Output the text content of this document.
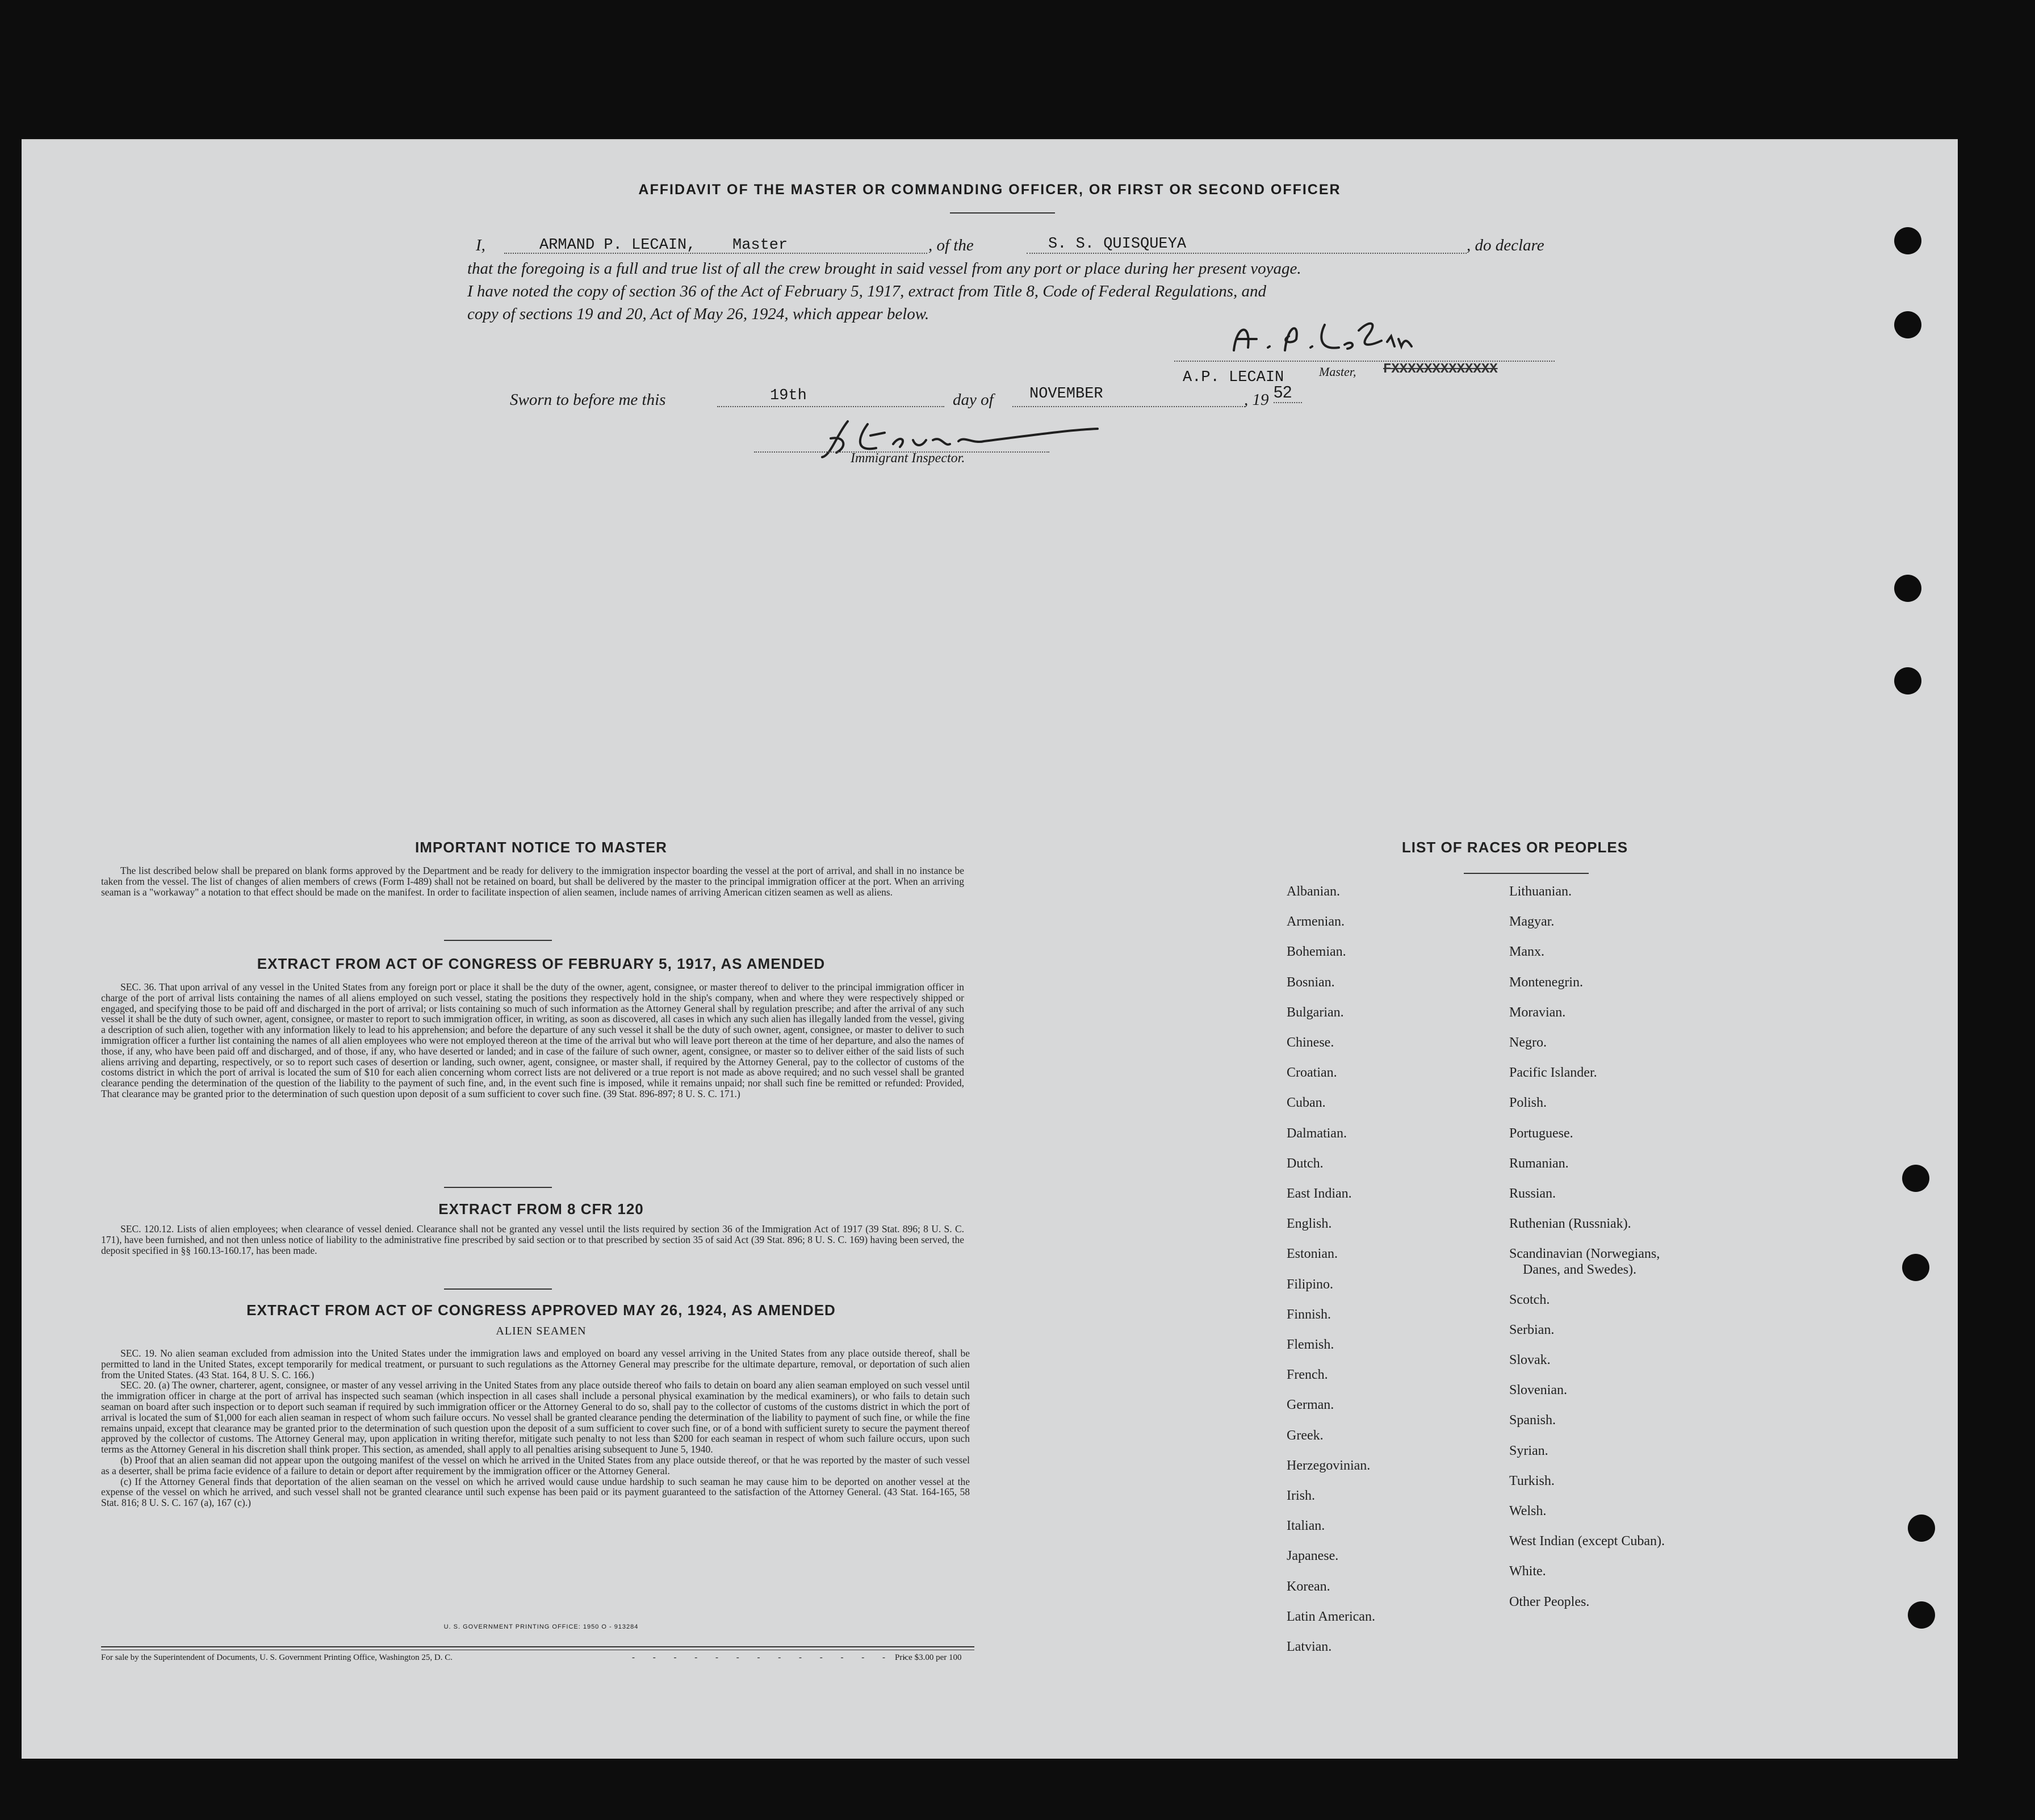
AFFIDAVIT OF THE MASTER OR COMMANDING OFFICER, OR FIRST OR SECOND OFFICER
I,	ARMAND P. LECAIN, Master	, of the	S. S. QUISQUEYA	, do declare
that the foregoing is a full and true list of all the crew brought in said vessel from any port or place during her present voyage.
I have noted the copy of section 36 of the Act of February 5, 1917, extract from Title 8, Code of Federal Regulations, and
copy of sections 19 and 20, Act of May 26, 1924, which appear below.
Master, FXXXXXXXXXXXXX
A.P. LECAIN
Sworn to before me this	19th	day of NOVEMBER	, 19 52
Immigrant Inspector.
IMPORTANT NOTICE TO MASTER
The list described below shall be prepared on blank forms approved by the Department and be ready for delivery to the immigration inspector boarding the vessel at the port of arrival, and shall in no instance be taken from the vessel. The list of changes of alien members of crews (Form I-489) shall not be retained on board, but shall be delivered by the master to the principal immigration officer at the port. When an arriving seaman is a "workaway" a notation to that effect should be made on the manifest. In order to facilitate inspection of alien seamen, include names of arriving American citizen seamen as well as aliens.
EXTRACT FROM ACT OF CONGRESS OF FEBRUARY 5, 1917, AS AMENDED
SEC. 36. That upon arrival of any vessel in the United States from any foreign port or place it shall be the duty of the owner, agent, consignee, or master thereof to deliver to the principal immigration officer in charge of the port of arrival lists containing the names of all aliens employed on such vessel, stating the positions they respectively hold in the ship's company, when and where they were respectively shipped or engaged, and specifying those to be paid off and discharged in the port of arrival; or lists containing so much of such information as the Attorney General shall by regulation prescribe; and after the arrival of any such vessel it shall be the duty of such owner, agent, consignee, or master to report to such immigration officer, in writing, as soon as discovered, all cases in which any such alien has illegally landed from the vessel, giving a description of such alien, together with any information likely to lead to his apprehension; and before the departure of any such vessel it shall be the duty of such owner, agent, consignee, or master to deliver to such immigration officer a further list containing the names of all alien employees who were not employed thereon at the time of the arrival but who will leave port thereon at the time of her departure, and also the names of those, if any, who have been paid off and discharged, and of those, if any, who have deserted or landed; and in case of the failure of such owner, agent, consignee, or master so to deliver either of the said lists of such aliens arriving and departing, respectively, or so to report such cases of desertion or landing, such owner, agent, consignee, or master shall, if required by the Attorney General, pay to the collector of customs of the costoms district in which the port of arrival is located the sum of $10 for each alien concerning whom correct lists are not delivered or a true report is not made as above required; and no such vessel shall be granted clearance pending the determination of the question of the liability to the payment of such fine, and, in the event such fine is imposed, while it remains unpaid; nor shall such fine be remitted or refunded: Provided, That clearance may be granted prior to the determination of such question upon deposit of a sum sufficient to cover such fine. (39 Stat. 896-897; 8 U. S. C. 171.)
EXTRACT FROM 8 CFR 120
SEC. 120.12. Lists of alien employees; when clearance of vessel denied. Clearance shall not be granted any vessel until the lists required by section 36 of the Immigration Act of 1917 (39 Stat. 896; 8 U. S. C. 171), have been furnished, and not then unless notice of liability to the administrative fine prescribed by said section or to that prescribed by section 35 of said Act (39 Stat. 896; 8 U. S. C. 169) having been served, the deposit specified in §§ 160.13-160.17, has been made.
EXTRACT FROM ACT OF CONGRESS APPROVED MAY 26, 1924, AS AMENDED
ALIEN SEAMEN
SEC. 19. No alien seaman excluded from admission into the United States under the immigration laws and employed on board any vessel arriving in the United States from any place outside thereof, shall be permitted to land in the United States, except temporarily for medical treatment, or pursuant to such regulations as the Attorney General may prescribe for the ultimate departure, removal, or deportation of such alien from the United States. (43 Stat. 164, 8 U. S. C. 166.)
SEC. 20. (a) The owner, charterer, agent, consignee, or master of any vessel arriving in the United States from any place outside thereof who fails to detain on board any alien seaman employed on such vessel until the immigration officer in charge at the port of arrival has inspected such seaman (which inspection in all cases shall include a personal physical examination by the medical examiners), or who fails to detain such seaman on board after such inspection or to deport such seaman if required by such immigration officer or the Attorney General to do so, shall pay to the collector of customs of the customs district in which the port of arrival is located the sum of $1,000 for each alien seaman in respect of whom such failure occurs. No vessel shall be granted clearance pending the determination of the liability to payment of such fine, or while the fine remains unpaid, except that clearance may be granted prior to the determination of such question upon the deposit of a sum sufficient to cover such fine, or of a bond with sufficient surety to secure the payment thereof approved by the collector of customs. The Attorney General may, upon application in writing therefor, mitigate such penalty to not less than $200 for each seaman in respect of whom such failure occurs, upon such terms as the Attorney General in his discretion shall think proper. This section, as amended, shall apply to all penalties arising subsequent to June 5, 1940.
(b) Proof that an alien seaman did not appear upon the outgoing manifest of the vessel on which he arrived in the United States from any place outside thereof, or that he was reported by the master of such vessel as a deserter, shall be prima facie evidence of a failure to detain or deport after requirement by the immigration officer or the Attorney General.
(c) If the Attorney General finds that deportation of the alien seaman on the vessel on which he arrived would cause undue hardship to such seaman he may cause him to be deported on another vessel at the expense of the vessel on which he arrived, and such vessel shall not be granted clearance until such expense has been paid or its payment guaranteed to the satisfaction of the Attorney General. (43 Stat. 164-165, 58 Stat. 816; 8 U. S. C. 167 (a), 167 (c).)
U. S. GOVERNMENT PRINTING OFFICE: 1950 O - 913284
For sale by the Superintendent of Documents, U. S. Government Printing Office, Washington 25, D. C.	- - - - - - - - - - - - - -
Price $3.00 per 100
LIST OF RACES OR PEOPLES
Albanian.
Armenian.
Bohemian.
Bosnian.
Bulgarian.
Chinese.
Croatian.
Cuban.
Dalmatian.
Dutch.
East Indian.
English.
Estonian.
Filipino.
Finnish.
Flemish.
French.
German.
Greek.
Herzegovinian.
Irish.
Italian.
Japanese.
Korean.
Latin American.
Latvian.
Lithuanian.
Magyar.
Manx.
Montenegrin.
Moravian.
Negro.
Pacific Islander.
Polish.
Portuguese.
Rumanian.
Russian.
Ruthenian (Russniak).
Scandinavian (Norwegians,
Danes, and Swedes).
Scotch.
Serbian.
Slovak.
Slovenian.
Spanish.
Syrian.
Turkish.
Welsh.
West Indian (except Cuban).
White.
Other Peoples.
